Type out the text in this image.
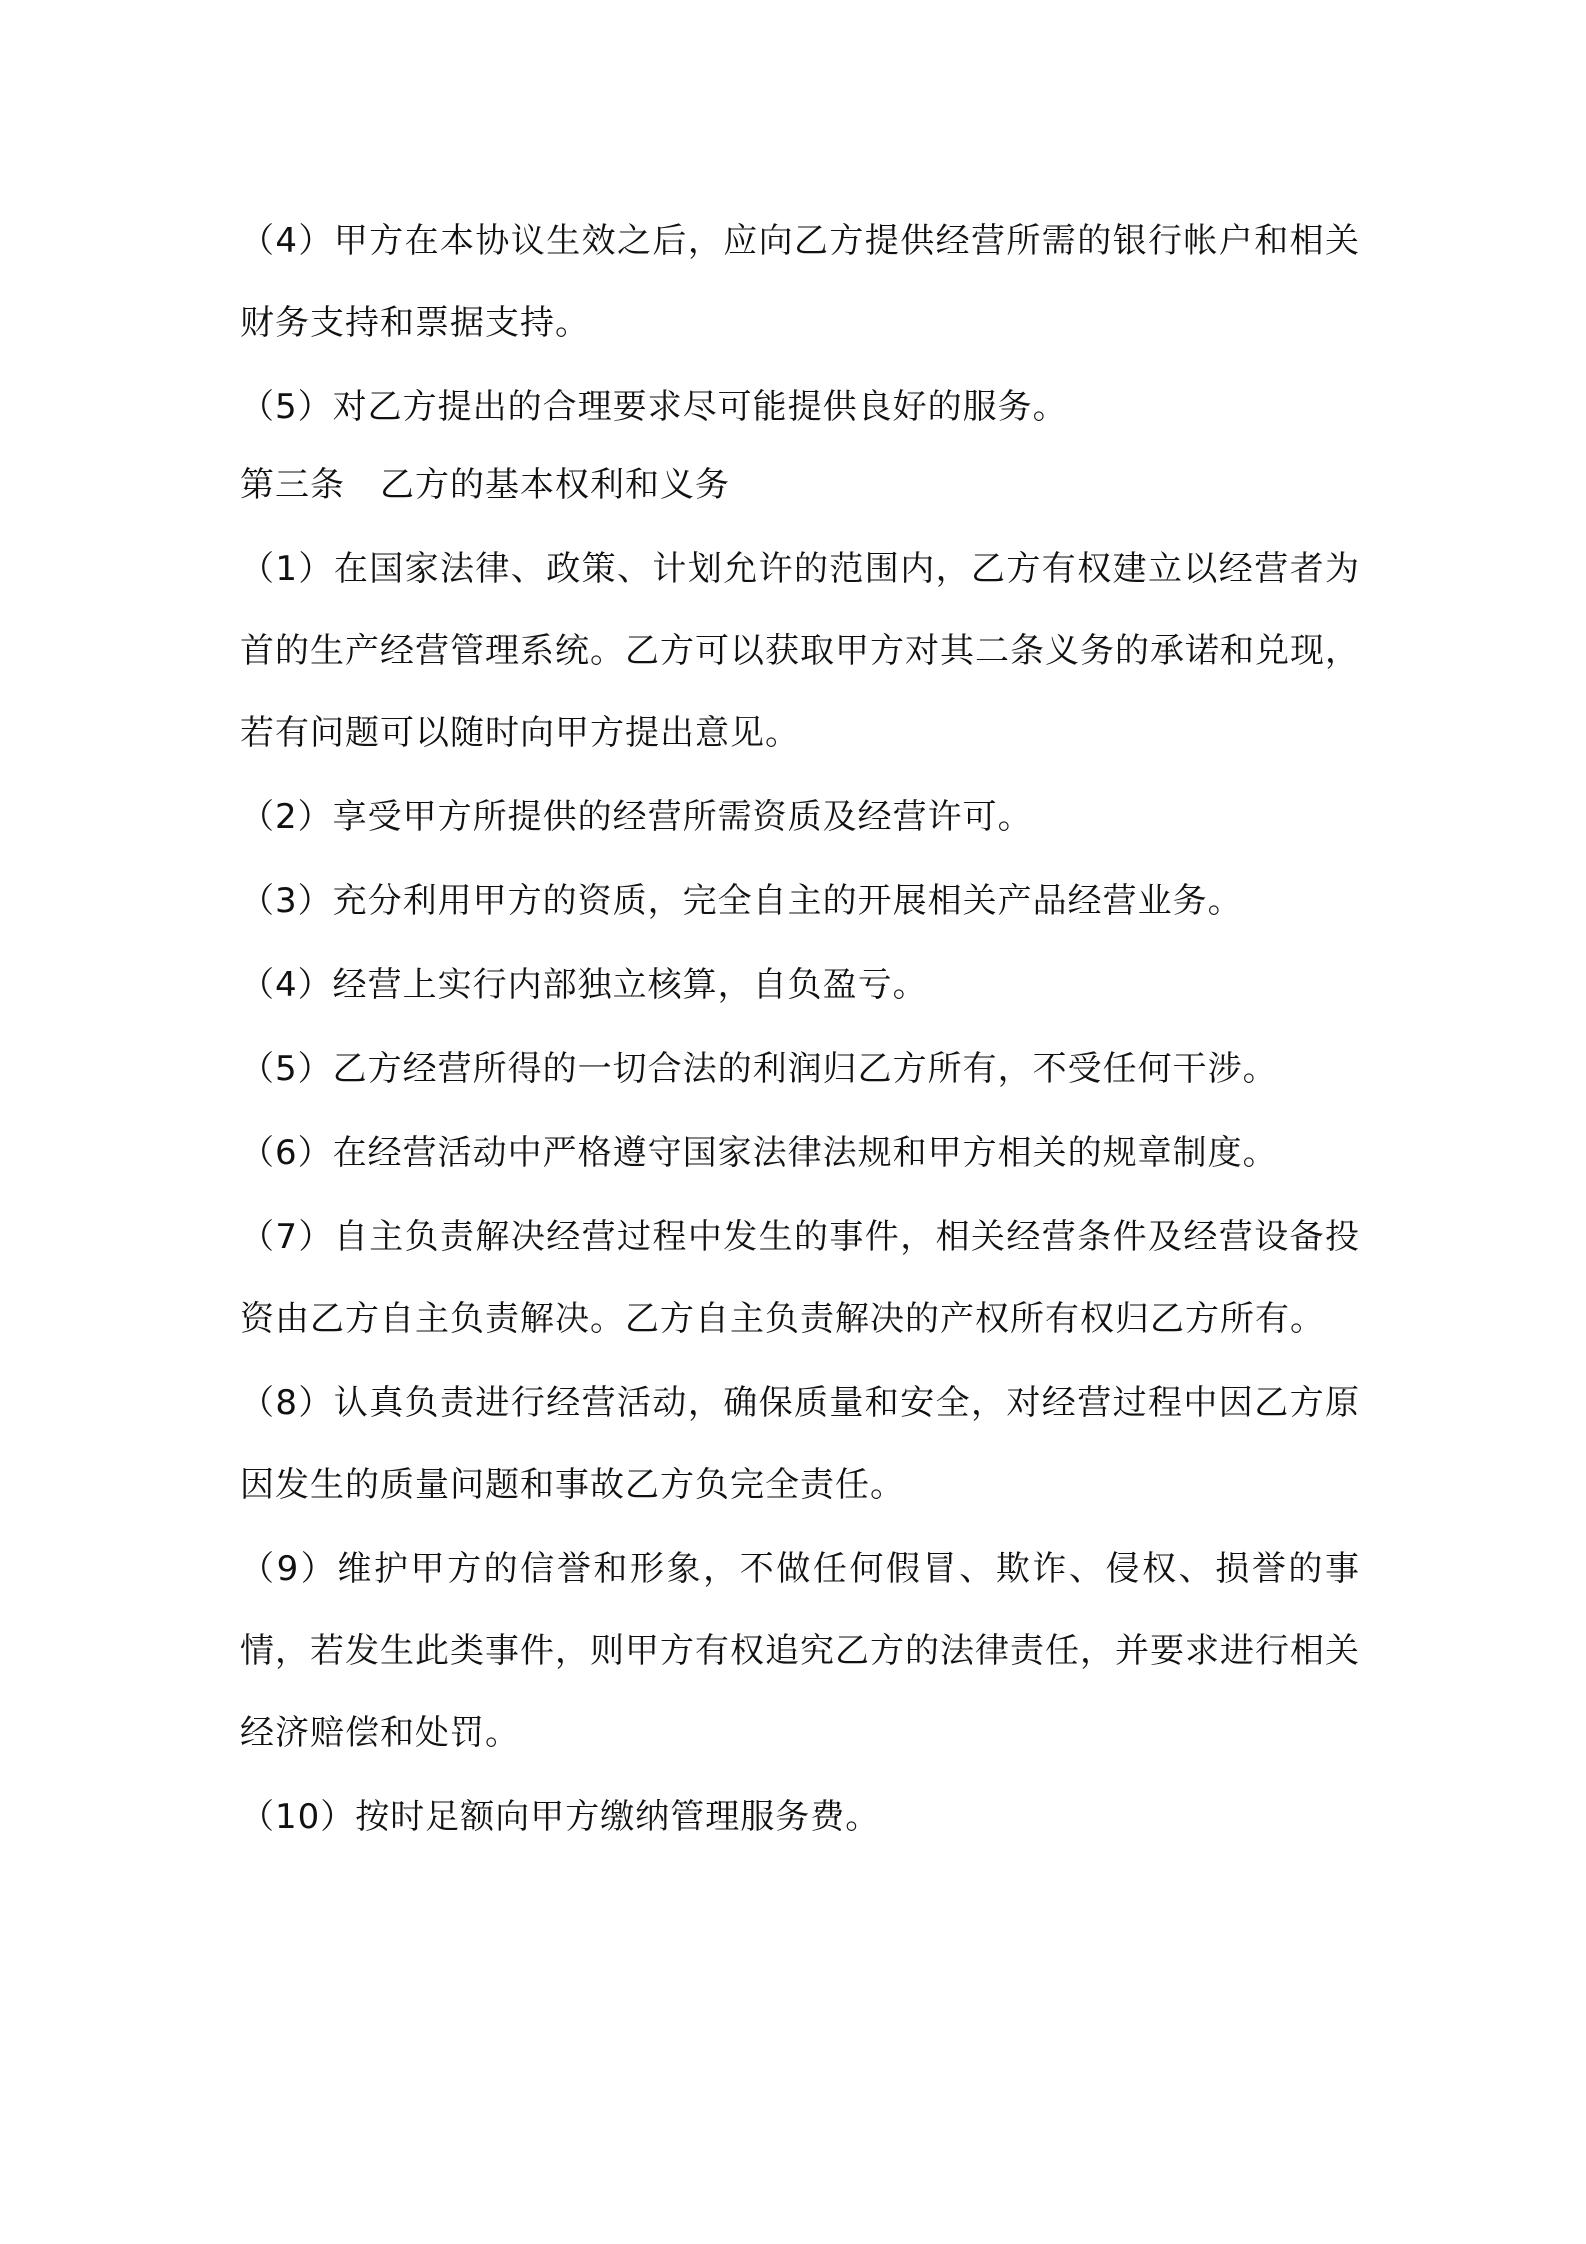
（4）甲方在本协议生效之后，应向乙方提供经营所需的银行帐户和相关财务支持和票据支持。

（5）对乙方提出的合理要求尽可能提供良好的服务。

第三条　乙方的基本权利和义务

（1）在国家法律、政策、计划允许的范围内，乙方有权建立以经营者为首的生产经营管理系统。乙方可以获取甲方对其二条义务的承诺和兑现，若有问题可以随时向甲方提出意见。

（2）享受甲方所提供的经营所需资质及经营许可。

（3）充分利用甲方的资质，完全自主的开展相关产品经营业务。

（4）经营上实行内部独立核算，自负盈亏。

（5）乙方经营所得的一切合法的利润归乙方所有，不受任何干涉。

（6）在经营活动中严格遵守国家法律法规和甲方相关的规章制度。

（7）自主负责解决经营过程中发生的事件，相关经营条件及经营设备投资由乙方自主负责解决。乙方自主负责解决的产权所有权归乙方所有。

（8）认真负责进行经营活动，确保质量和安全，对经营过程中因乙方原因发生的质量问题和事故乙方负完全责任。

（9）维护甲方的信誉和形象，不做任何假冒、欺诈、侵权、损誉的事情，若发生此类事件，则甲方有权追究乙方的法律责任，并要求进行相关经济赔偿和处罚。

（10）按时足额向甲方缴纳管理服务费。
